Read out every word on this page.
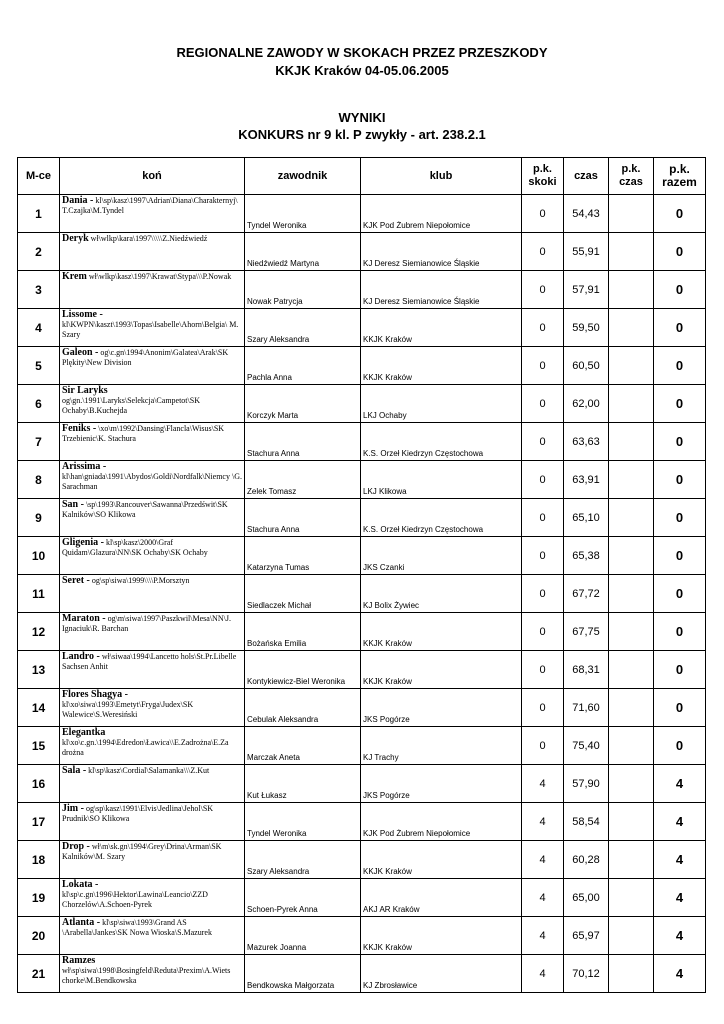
REGIONALNE ZAWODY W SKOKACH PRZEZ PRZESZKODY
KKJK Kraków 04-05.06.2005
WYNIKI
KONKURS nr 9 kl. P zwykły - art. 238.2.1
M-ce	koń	zawodnik	klub	p.k. skoki	czas	p.k. czas	p.k. razem
1	Dania - kl\sp\kasz\1997\Adrian\Diana\Charakternyj\ T.Czajka\M.Tyndel	Tyndel Weronika	KJK Pod Żubrem Niepołomice	0	54,43		0
2	Deryk wł\wlkp\kara\1997\\\\\Z.Niedźwiedź	Niedźwiedź Martyna	KJ Deresz Siemianowice Śląskie	0	55,91		0
3	Krem wł\wlkp\kasz\1997\Krawat\Stypa\\\P.Nowak	Nowak Patrycja	KJ Deresz Siemianowice Śląskie	0	57,91		0
4	Lissome - kl\KWPN\kaszt\1993\Topas\Isabelle\Ahorn\Belgia\ M. Szary	Szary Aleksandra	KKJK Kraków	0	59,50		0
5	Galeon - og\c.gn\1994\Anonim\Galatea\Arak\SK Plękity\New Division	Pachla Anna	KKJK Kraków	0	60,50		0
6	Sir Laryks og\gn.\1991\Laryks\Selekcja\Campetot\SK Ochaby\B.Kuchejda	Korczyk Marta	LKJ Ochaby	0	62,00		0
7	Feniks - \xo\m\1992\Dansing\Flancla\Wisus\SK Trzebienic\K. Stachura	Stachura Anna	K.S. Orzeł Kiedrzyn Częstochowa	0	63,63		0
8	Arissima - kl\han\gniada\1991\Abydos\Goldi\Nordfalk\Niemcy \G. Sarachman	Zelek Tomasz	LKJ Klikowa	0	63,91		0
9	San - \sp\1993\Rancouver\Sawanna\Przedświt\SK Kalników\SO Klikowa	Stachura Anna	K.S. Orzeł Kiedrzyn Częstochowa	0	65,10		0
10	Gligenia - kl\sp\kasz\2000\Graf Quidam\Glazura\NN\SK Ochaby\SK Ochaby	Katarzyna Tumas	JKS Czanki	0	65,38		0
11	Seret - og\sp\siwa\1999\\\\P.Morsztyn	Siedlaczek Michał	KJ Bolix Żywiec	0	67,72		0
12	Maraton - og\m\siwa\1997\Paszkwil\Mesa\NN\J. Ignaciuk\R. Barchan	Bożańska Emilia	KKJK Kraków	0	67,75		0
13	Landro - wł\siwaa\1994\Lancetto hols\St.Pr.Libelle Sachsen Anhit	Kontykiewicz-Biel Weronika	KKJK Kraków	0	68,31		0
14	Flores Shagya - kl\xo\siwa\1993\Emetyt\Fryga\Judex\SK Walewice\S.Weresiński	Cebulak Aleksandra	JKS Pogórze	0	71,60		0
15	Elegantka kl\xo\c.gn.\1994\Edredon\Ławica\\E.Zadrożna\E.Za drożna	Marczak Aneta	KJ Trachy	0	75,40		0
16	Sala - kl\sp\kasz\Cordial\Salamanka\\\Z.Kut	Kut Łukasz	JKS Pogórze	4	57,90		4
17	Jim - og\sp\kasz\1991\Elvis\Jedlina\Jehol\SK Prudnik\SO Klikowa	Tyndel Weronika	KJK Pod Żubrem Niepołomice	4	58,54		4
18	Drop - wł\m\sk.gn\1994\Grey\Drina\Arman\SK Kalników\M. Szary	Szary Aleksandra	KKJK Kraków	4	60,28		4
19	Lokata - kl\sp\c.gn\1996\Hektor\Lawina\Leancio\ZZD Chorzelów\A.Schoen-Pyrek	Schoen-Pyrek Anna	AKJ AR Kraków	4	65,00		4
20	Atlanta - kl\sp\siwa\1993\Grand AS \Arabella\Jankes\SK Nowa Wioska\S.Mazurek	Mazurek Joanna	KKJK Kraków	4	65,97		4
21	Ramzes wł\sp\siwa\1998\Bosingfeld\Reduta\Prexim\A.Wiets chorke\M.Bendkowska	Bendkowska Małgorzata	KJ Zbrosławice	4	70,12		4
